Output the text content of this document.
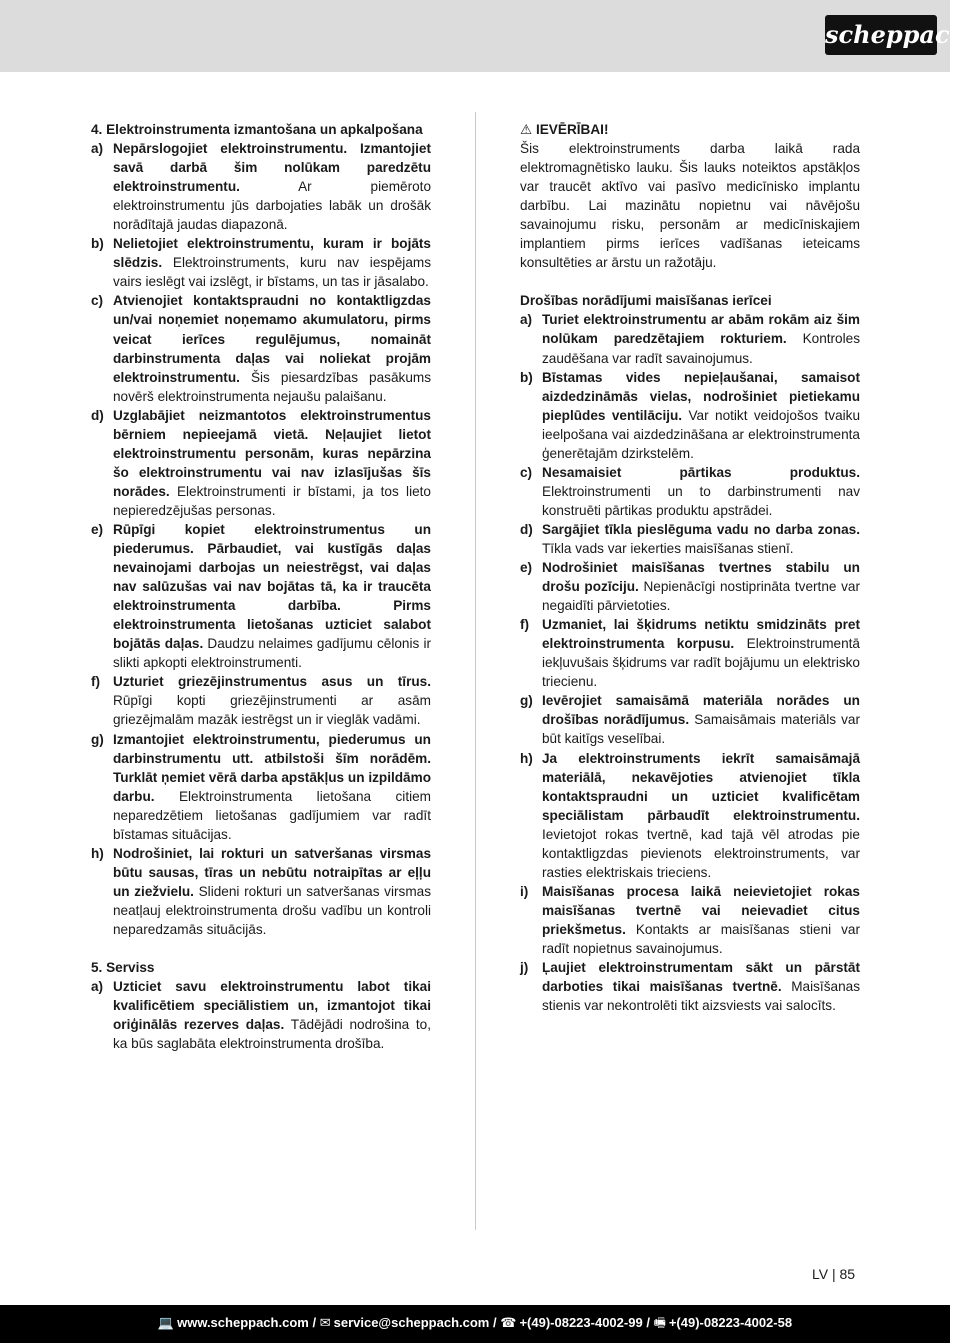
scheppach
4. Elektroinstrumenta izmantošana un apkalpošana
a) Nepārslogojiet elektroinstrumentu. Izmantojiet savā darbā šim nolūkam paredzētu elektroinstrumentu.	Ar piemēroto elektroinstrumentu jūs darbojaties labāk un drošāk norādītajā jaudas diapazonā.
b) Nelietojiet elektroinstrumentu, kuram ir bojāts slēdzis. Elektroinstruments, kuru nav iespējams vairs ieslēgt vai izslēgt, ir bīstams, un tas ir jāsalabo.
c) Atvienojiet kontaktspraudni no kontaktligzdas un/vai noņemiet noņemamo akumulatoru, pirms veicat ierīces regulējumus, nomaināt darbinstrumenta daļas vai noliekat projām elektroinstrumentu. Šis piesardzības pasākums novērš elektroinstrumenta nejaušu palaišanu.
d) Uzglabājiet neizmantotos elektroinstrumentus bērniem nepieejamā vietā. Neļaujiet lietot elektroinstrumentu personām, kuras nepārzina šo elektroinstrumentu vai nav izlasījušas šīs norādes. Elektroinstrumenti ir bīstami, ja tos lieto nepieredzējušas personas.
e) Rūpīgi kopiet elektroinstrumentus un piederumus. Pārbaudiet, vai kustīgās daļas nevainojami darbojas un neiestrēgst, vai daļas nav salūzušas vai nav bojātas tā, ka ir traucēta elektroinstrumenta darbība. Pirms elektroinstrumenta lietošanas uzticiet salabot bojātās daļas. Daudzu nelaimes gadījumu cēlonis ir slikti apkopti elektroinstrumenti.
f) Uzturiet griezējinstrumentus asus un tīrus. Rūpīgi kopti griezējinstrumenti ar asām griezējmalām mazāk iestrēgst un ir vieglāk vadāmi.
g) Izmantojiet elektroinstrumentu, piederumus un darbinstrumentu utt. atbilstoši šīm norādēm. Turklāt ņemiet vērā darba apstākļus un izpildāmo darbu. Elektroinstrumenta lietošana citiem neparedzētiem lietošanas gadījumiem var radīt bīstamas situācijas.
h) Nodrošiniet, lai rokturi un satveršanas virsmas būtu sausas, tīras un nebūtu notraipītas ar eļļu un ziežvielu. Slideni rokturi un satveršanas virsmas neatļauj elektroinstrumenta drošu vadību un kontroli neparedzamās situācijās.
5. Serviss
a) Uzticiet savu elektroinstrumentu labot tikai kvalificētiem speciālistiem un, izmantojot tikai oriģinālās rezerves daļas. Tādējādi nodrošina to, ka būs saglabāta elektroinstrumenta drošība.
⚠ IEVĒRĪBAI!
Šis elektroinstruments darba laikā rada elektromagnētisko lauku. Šis lauks noteiktos apstākļos var traucēt aktīvo vai pasīvo medicīnisko implantu darbību. Lai mazinātu nopietnu vai nāvējošu savainojumu risku, personām ar medicīniskajiem implantiem pirms ierīces vadīšanas ieteicams konsultēties ar ārstu un ražotāju.
Drošības norādījumi maisīšanas ierīcei
a) Turiet elektroinstrumentu ar abām rokām aiz šim nolūkam paredzētajiem rokturiem. Kontroles zaudēšana var radīt savainojumus.
b) Bīstamas vides nepieļaušanai, samaisot aizdedzināmās vielas, nodrošiniet pietiekamu pieplūdes ventilāciju. Var notikt veidojošos tvaiku ieelpošana vai aizdedzināšana ar elektroinstrumenta ģenerētajām dzirkstelēm.
c) Nesamaisiet pārtikas produktus. Elektroinstrumenti un to darbinstrumenti nav konstruēti pārtikas produktu apstrādei.
d) Sargājiet tīkla pieslēguma vadu no darba zonas. Tīkla vads var iekerties maisīšanas stienī.
e) Nodrošiniet maisīšanas tvertnes stabilu un drošu pozīciju. Nepienācīgi nostiprināta tvertne var negaidīti pārvietoties.
f) Uzmaniet, lai šķidrums netiktu smidzināts pret elektroinstrumenta korpusu. Elektroinstrumentā iekļuvušais šķidrums var radīt bojājumu un elektrisko triecienu.
g) Ievērojiet samaisāmā materiāla norādes un drošības norādījumus. Samaisāmais materiāls var būt kaitīgs veselībai.
h) Ja elektroinstruments iekrīt samaisāmajā materiālā, nekavējoties atvienojiet tīkla kontaktspraudni un uzticiet kvalificētam speciālistam pārbaudīt elektroinstrumentu. Ievietojot rokas tvertnē, kad tajā vēl atrodas pie kontaktligzdas pievienots elektroinstruments, var rasties elektriskais trieciens.
i)	Maisīšanas procesa laikā neievietojiet rokas maisīšanas tvertnē vai neievadiet citus priekšmetus. Kontakts ar maisīšanas stieni var radīt nopietnus savainojumus.
j)	Ļaujiet elektroinstrumentam sākt un pārstāt darboties tikai maisīšanas tvertnē. Maisīšanas stienis var nekontrolēti tikt aizsviests vai salocīts.
LV | 85
💻 www.scheppach.com / ✉ service@scheppach.com / ☎ +(49)-08223-4002-99 / 🖷 +(49)-08223-4002-58
